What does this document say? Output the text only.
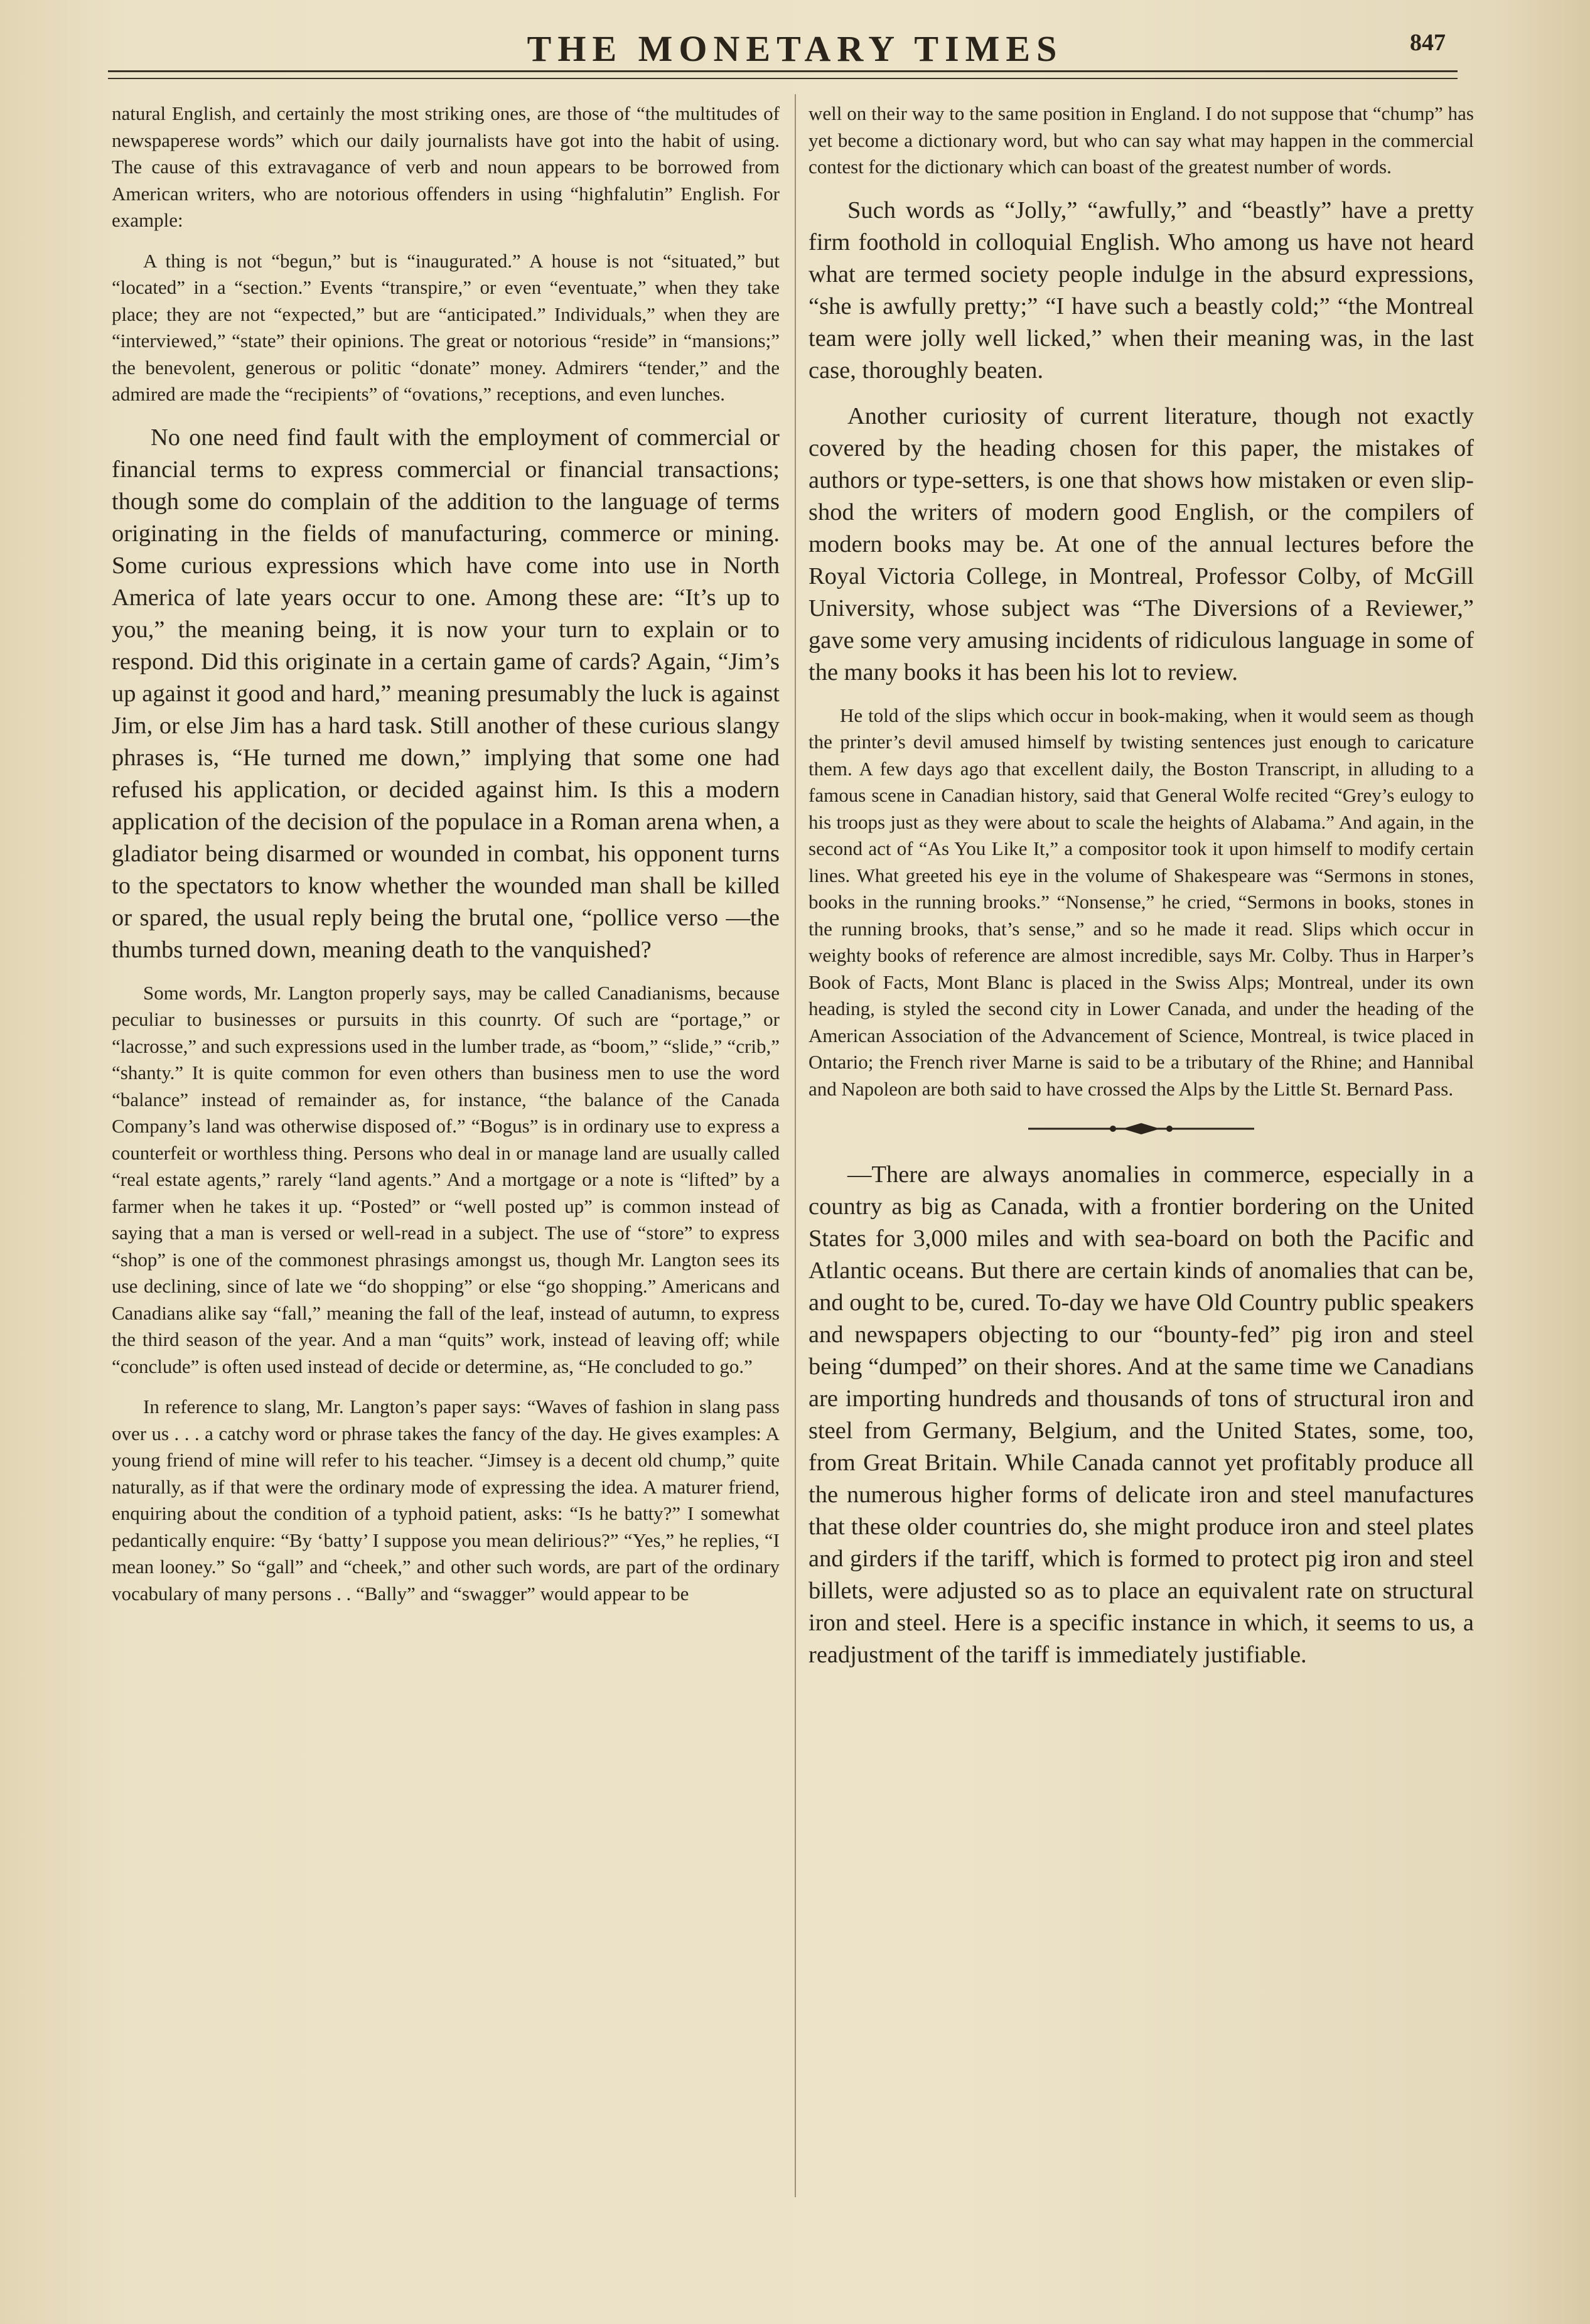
THE MONETARY TIMES	847

natural English, and certainly the most striking ones, are those of “the multitudes of newspaperese words” which our daily journalists have got into the habit of using. The cause of this extravagance of verb and noun appears to be borrowed from American writers, who are notorious offenders in using “highfalutin” English. For example:

A thing is not “begun,” but is “inaugurated.” A house is not “situated,” but “located” in a “section.” Events “transpire,” or even “eventuate,” when they take place; they are not “expected,” but are “anticipated.” Individuals,” when they are “interviewed,” “state” their opinions. The great or notorious “reside” in “mansions;” the benevolent, generous or politic “donate” money. Admirers “tender,” and the admired are made the “recipients” of “ovations,” receptions, and even lunches.

No one need find fault with the employment of commercial or financial terms to express commercial or financial transactions; though some do complain of the addition to the language of terms originating in the fields of manufacturing, commerce or mining. Some curious expressions which have come into use in North America of late years occur to one. Among these are: “It’s up to you,” the meaning being, it is now your turn to explain or to respond. Did this originate in a certain game of cards? Again, “Jim’s up against it good and hard,” meaning presumably the luck is against Jim, or else Jim has a hard task. Still another of these curious slangy phrases is, “He turned me down,” implying that some one had refused his application, or decided against him. Is this a modern application of the decision of the populace in a Roman arena when, a gladiator being disarmed or wounded in combat, his opponent turns to the spectators to know whether the wounded man shall be killed or spared, the usual reply being the brutal one, “pollice verso —the thumbs turned down, meaning death to the vanquished?

Some words, Mr. Langton properly says, may be called Canadianisms, because peculiar to businesses or pursuits in this counrty. Of such are “portage,” or “lacrosse,” and such expressions used in the lumber trade, as “boom,” “slide,” “crib,” “shanty.” It is quite common for even others than business men to use the word “balance” instead of remainder as, for instance, “the balance of the Canada Company’s land was otherwise disposed of.” “Bogus” is in ordinary use to express a counterfeit or worthless thing. Persons who deal in or manage land are usually called “real estate agents,” rarely “land agents.” And a mortgage or a note is “lifted” by a farmer when he takes it up. “Posted” or “well posted up” is common instead of saying that a man is versed or well-read in a subject. The use of “store” to express “shop” is one of the commonest phrasings amongst us, though Mr. Langton sees its use declining, since of late we “do shopping” or else “go shopping.” Americans and Canadians alike say “fall,” meaning the fall of the leaf, instead of autumn, to express the third season of the year. And a man “quits” work, instead of leaving off; while “conclude” is often used instead of decide or determine, as, “He concluded to go.”

In reference to slang, Mr. Langton’s paper says: “Waves of fashion in slang pass over us . . . a catchy word or phrase takes the fancy of the day. He gives examples: A young friend of mine will refer to his teacher. “Jimsey is a decent old chump,” quite naturally, as if that were the ordinary mode of expressing the idea. A maturer friend, enquiring about the condition of a typhoid patient, asks: “Is he batty?” I somewhat pedantically enquire: “By ‘batty’ I suppose you mean delirious?” “Yes,” he replies, “I mean looney.” So “gall” and “cheek,” and other such words, are part of the ordinary vocabulary of many persons . . “Bally” and “swagger” would appear to be

well on their way to the same position in England. I do not suppose that “chump” has yet become a dictionary word, but who can say what may happen in the commercial contest for the dictionary which can boast of the greatest number of words.

Such words as “Jolly,” “awfully,” and “beastly” have a pretty firm foothold in colloquial English. Who among us have not heard what are termed society people indulge in the absurd expressions, “she is awfully pretty;” “I have such a beastly cold;” “the Montreal team were jolly well licked,” when their meaning was, in the last case, thoroughly beaten.

Another curiosity of current literature, though not exactly covered by the heading chosen for this paper, the mistakes of authors or type-setters, is one that shows how mistaken or even slip-shod the writers of modern good English, or the compilers of modern books may be. At one of the annual lectures before the Royal Victoria College, in Montreal, Professor Colby, of McGill University, whose subject was “The Diversions of a Reviewer,” gave some very amusing incidents of ridiculous language in some of the many books it has been his lot to review.

He told of the slips which occur in book-making, when it would seem as though the printer’s devil amused himself by twisting sentences just enough to caricature them. A few days ago that excellent daily, the Boston Transcript, in alluding to a famous scene in Canadian history, said that General Wolfe recited “Grey’s eulogy to his troops just as they were about to scale the heights of Alabama.” And again, in the second act of “As You Like It,” a compositor took it upon himself to modify certain lines. What greeted his eye in the volume of Shakespeare was “Sermons in stones, books in the running brooks.” “Nonsense,” he cried, “Sermons in books, stones in the running brooks, that’s sense,” and so he made it read. Slips which occur in weighty books of reference are almost incredible, says Mr. Colby. Thus in Harper’s Book of Facts, Mont Blanc is placed in the Swiss Alps; Montreal, under its own heading, is styled the second city in Lower Canada, and under the heading of the American Association of the Advancement of Science, Montreal, is twice placed in Ontario; the French river Marne is said to be a tributary of the Rhine; and Hannibal and Napoleon are both said to have crossed the Alps by the Little St. Bernard Pass.

—There are always anomalies in commerce, especially in a country as big as Canada, with a frontier bordering on the United States for 3,000 miles and with sea-board on both the Pacific and Atlantic oceans. But there are certain kinds of anomalies that can be, and ought to be, cured. To-day we have Old Country public speakers and newspapers objecting to our “bounty-fed” pig iron and steel being “dumped” on their shores. And at the same time we Canadians are importing hundreds and thousands of tons of structural iron and steel from Germany, Belgium, and the United States, some, too, from Great Britain. While Canada cannot yet profitably produce all the numerous higher forms of delicate iron and steel manufactures that these older countries do, she might produce iron and steel plates and girders if the tariff, which is formed to protect pig iron and steel billets, were adjusted so as to place an equivalent rate on structural iron and steel. Here is a specific instance in which, it seems to us, a readjustment of the tariff is immediately justifiable.
